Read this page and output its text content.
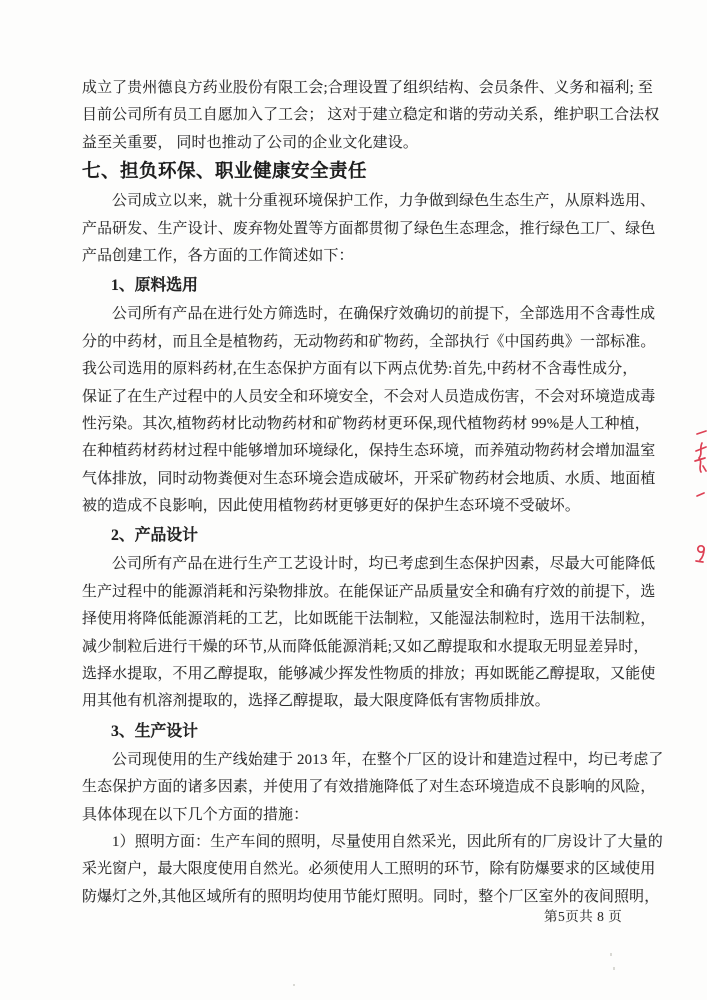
成立了贵州德良方药业股份有限工会;合理设置了组织结构、会员条件、义务和福利; 至
目前公司所有员工自愿加入了工会； 这对于建立稳定和谐的劳动关系，维护职工合法权
益至关重要， 同时也推动了公司的企业文化建设。
七、担负环保、职业健康安全责任
公司成立以来，就十分重视环境保护工作，力争做到绿色生态生产，从原料选用、
产品研发、生产设计、废弃物处置等方面都贯彻了绿色生态理念，推行绿色工厂、绿色
产品创建工作，各方面的工作简述如下：
1、原料选用
公司所有产品在进行处方筛选时，在确保疗效确切的前提下，全部选用不含毒性成
分的中药材，而且全是植物药，无动物药和矿物药，全部执行《中国药典》一部标准。
我公司选用的原料药材,在生态保护方面有以下两点优势:首先,中药材不含毒性成分，
保证了在生产过程中的人员安全和环境安全，不会对人员造成伤害，不会对环境造成毒
性污染。其次,植物药材比动物药材和矿物药材更环保,现代植物药材 99%是人工种植，
在种植药材药材过程中能够增加环境绿化，保持生态环境，而养殖动物药材会增加温室
气体排放，同时动物粪便对生态环境会造成破坏，开采矿物药材会地质、水质、地面植
被的造成不良影响，因此使用植物药材更够更好的保护生态环境不受破坏。
2、产品设计
公司所有产品在进行生产工艺设计时，均已考虑到生态保护因素，尽最大可能降低
生产过程中的能源消耗和污染物排放。在能保证产品质量安全和确有疗效的前提下，选
择使用将降低能源消耗的工艺，比如既能干法制粒，又能湿法制粒时，选用干法制粒，
减少制粒后进行干燥的环节,从而降低能源消耗;又如乙醇提取和水提取无明显差异时，
选择水提取，不用乙醇提取，能够减少挥发性物质的排放；再如既能乙醇提取，又能使
用其他有机溶剂提取的，选择乙醇提取，最大限度降低有害物质排放。
3、生产设计
公司现使用的生产线始建于 2013 年，在整个厂区的设计和建造过程中，均已考虑了
生态保护方面的诸多因素，并使用了有效措施降低了对生态环境造成不良影响的风险，
具体体现在以下几个方面的措施：
1）照明方面：生产车间的照明，尽量使用自然采光，因此所有的厂房设计了大量的
采光窗户，最大限度使用自然光。必须使用人工照明的环节，除有防爆要求的区域使用
防爆灯之外,其他区域所有的照明均使用节能灯照明。同时，整个厂区室外的夜间照明，
第5页共 8 页
